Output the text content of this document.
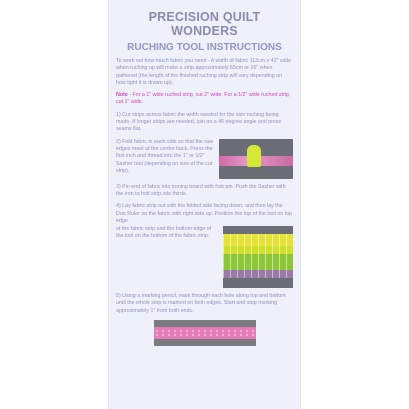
PRECISION QUILT WONDERS
RUCHING TOOL INSTRUCTIONS

To work out how much fabric you need - A width of fabric 112cm x 42" wide when ruching up will make a strip approximately 65cm or 26" when gathered (the length of the finished ruching strip will vary depending on how tight it is drawn up).

Note - For a 1" wide ruched strip, cut 2" wide. For a 1/2" wide ruched strip, cut 1" wide.

1) Cut strips across fabric the width needed for the size ruching being made. If longer strips are needed, join on a 45 degree angle and press seams flat.

2) Fold fabric in each side so that the raw edges meet at the centre back. Press the first inch and thread into the 1" or 1/2" Sasher tool (depending on size of the cut strip).

3) Pin end of fabric into ironing board with fork pin. Push the Sasher with the iron to fold strip into thirds.

4) Lay fabric strip out with the folded side facing down, and then lay the Duo Ruler on the fabric with right side up. Position the top of the tool on top edge

of the fabric strip and the bottom edge of the tool on the bottom of the fabric strip.

5) Using a marking pencil, mark through each hole along top and bottom until the whole strip is marked on both edges. Start and stop marking approximately 1" from both ends.
